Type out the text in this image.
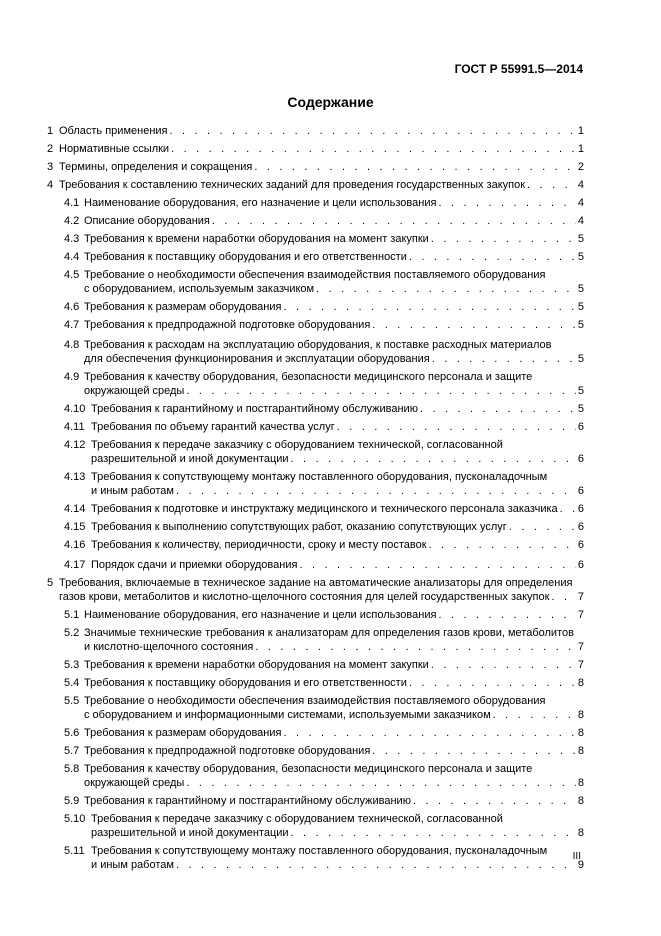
ГОСТ Р 55991.5—2014
Содержание
1 Область применения . . .	1
2 Нормативные ссылки . . .	1
3 Термины, определения и сокращения . . .	2
4 Требования к составлению технических заданий для проведения государственных закупок . . .	4
4.1 Наименование оборудования, его назначение и цели использования . . .	4
4.2 Описание оборудования . . .	4
4.3 Требования к времени наработки оборудования на момент закупки . . .	5
4.4 Требования к поставщику оборудования и его ответственности . . .	5
4.5 Требование о необходимости обеспечения взаимодействия поставляемого оборудования
с оборудованием, используемым заказчиком . . .	5
4.6 Требования к размерам оборудования . . .	5
4.7 Требования к предпродажной подготовке оборудования . . .	5
4.8 Требования к расходам на эксплуатацию оборудования, к поставке расходных материалов
для обеспечения функционирования и эксплуатации оборудования . . .	5
4.9 Требования к качеству оборудования, безопасности медицинского персонала и защите
окружающей среды . . .	5
4.10 Требования к гарантийному и постгарантийному обслуживанию . . .	5
4.11 Требования по объему гарантий качества услуг . . .	6
4.12 Требования к передаче заказчику с оборудованием технической, согласованной
разрешительной и иной документации . . .	6
4.13 Требования к сопутствующему монтажу поставленного оборудования, пусконаладочным
и иным работам . . .	6
4.14 Требования к подготовке и инструктажу медицинского и технического персонала заказчика . . . 6
4.15 Требования к выполнению сопутствующих работ, оказанию сопутствующих услуг . . .	6
4.16 Требования к количеству, периодичности, сроку и месту поставок . . .	6
4.17 Порядок сдачи и приемки оборудования . . .	6
5 Требования, включаемые в техническое задание на автоматические анализаторы для определения
газов крови, метаболитов и кислотно-щелочного состояния для целей государственных закупок . . .	7
5.1 Наименование оборудования, его назначение и цели использования . . .	7
5.2 Значимые технические требования к анализаторам для определения газов крови, метаболитов
и кислотно-щелочного состояния . . .	7
5.3 Требования к времени наработки оборудования на момент закупки . . .	7
5.4 Требования к поставщику оборудования и его ответственности . . .	8
5.5 Требование о необходимости обеспечения взаимодействия поставляемого оборудования
с оборудованием и информационными системами, используемыми заказчиком . . .	8
5.6 Требования к размерам оборудования . . .	8
5.7 Требования к предпродажной подготовке оборудования . . .	8
5.8 Требования к качеству оборудования, безопасности медицинского персонала и защите
окружающей среды . . .	8
5.9 Требования к гарантийному и постгарантийному обслуживанию . . .	8
5.10 Требования к передаче заказчику с оборудованием технической, согласованной
разрешительной и иной документации . . .	8
5.11 Требования к сопутствующему монтажу поставленного оборудования, пусконаладочным
и иным работам . . .	9
III
